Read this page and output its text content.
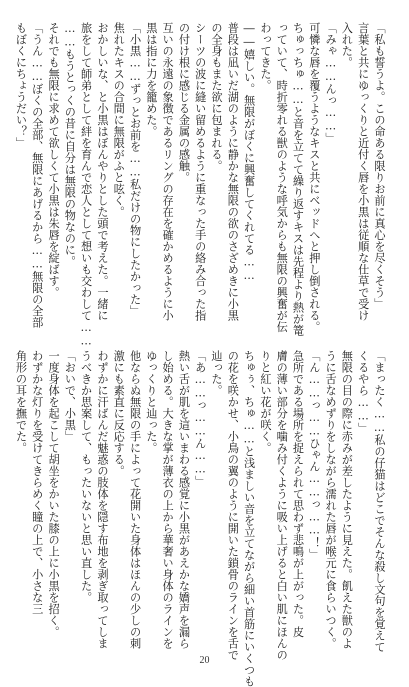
「私も誓うよ。この命ある限りお前に真心を尽くそう」
言葉と共にゆっくりと近付く唇を小黒は従順な仕草で受け
入れた。
「みゃ……んっ……」
可憐な唇を覆うようなキスと共にベッドへと押し倒される。
ちゅっちゅ……と音を立てて繰り返すキスは先程より熱が篭
っていて、時折零れる獣のような呼気からも無限の興奮が伝
わってきた。
――嬉しい。無限がぼくに興奮してくれてる……
普段は凪いだ湖のように静かな無限の欲のさざめきに小黒
の全身もまた欲に包まれる。
シーツの波に縫い留めるように重なった手の絡み合った指
の付け根に感じる金属の感触。
互いの永遠の象徴であるリングの存在を確かめるように小
黒は指に力を籠めた。
「小黒……ずっとお前を……私だけの物にしたかった」
焦れたキスの合間に無限がふと呟く。
おかしいな、と小黒はぼんやりとした頭で考えた。一緒に
旅をして師弟として絆を育んで恋人として想いも交わして……
……もうとっくの昔に自分は無限の物なのに。
それでも無限に求めて欲しくて小黒は朱唇を綻ばす。
「うん……ぼくの全部、無限にあげるから……無限の全部
もぼくにちょうだい？」

「まったく……私の仔猫はどこでそんな殺し文句を覚えて
くるやら……」
無限の目の際に赤みが差したように見えた。飢えた獣のよ
うに舌なめずりをしながら濡れた唇が喉元に食らいつく。
「ん……っ……ひゃん……っ……！」
急所である場所を捉えられて思わず悲鳴が上がった。皮
膚の薄い部分を噛み付くように吸い上げると白い肌にほんの
りと紅い花が咲く。
ちゅぅ、ちゅ……と浅ましい音を立てながら細い首筋にいくつも
の花を咲かせ、小鳥の翼のように開いた鎖骨のラインを舌で
辿った。
「あ……っ……ん……」
熱い舌が肌を這いまわる感覚に小黒があえかな嬌声を漏ら
し始める。大きな掌が薄衣の上から華奢い身体のラインを
ゆっくりと辿った。
他ならぬ無限の手によって花開いた身体はほんの少しの刺
激にも素直に反応する。
わずかに汗ばんだ魅惑の肢体を隠す布地を剥ぎ取ってしま
うべきか思案して、もったいないと思い直した。
「おいで、小黒」
一度身体を起こして胡坐をかいた膝の上に小黒を招く。
わずかな灯りを受けてきらめく瞳の上で、小さな三
角形の耳を撫でた。

20
